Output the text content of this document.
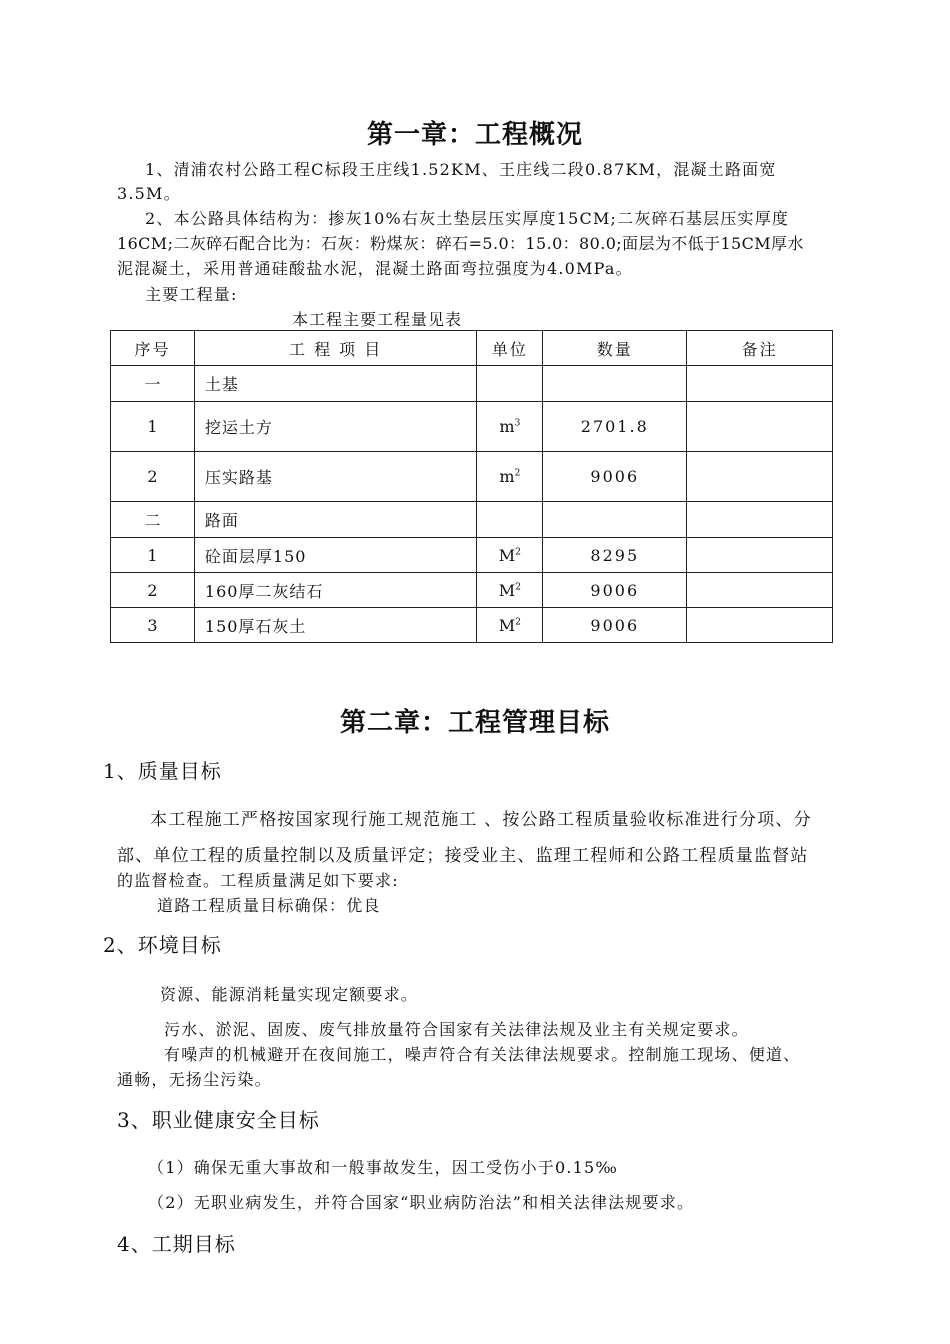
第一章：工程概况

1、清浦农村公路工程C标段王庄线1.52KM、王庄线二段0.87KM，混凝土路面宽

3.5M。

2、本公路具体结构为：掺灰10%右灰土垫层压实厚度15CM;二灰碎石基层压实厚度

16CM;二灰碎石配合比为：石灰：粉煤灰：碎石=5.0：15.0：80.0;面层为不低于15CM厚水

泥混凝土，采用普通硅酸盐水泥，混凝土路面弯拉强度为4.0MPa。

主要工程量:

本工程主要工程量见表

序号	工 程 项 目	单位	数量	备注
一	土基			
1	挖运土方	$m^3$	2701.8	
2	压实路基	$m^2$	9006	
二	路面			
1	砼面层厚150	$M^2$	8295	
2	160厚二灰结石	$M^2$	9006	
3	150厚石灰土	$M^2$	9006	
第二章：工程管理目标
1、质量目标

本工程施工严格按国家现行施工规范施工 、按公路工程质量验收标准进行分项、分

部、单位工程的质量控制以及质量评定；接受业主、监理工程师和公路工程质量监督站

的监督检查。工程质量满足如下要求:

道路工程质量目标确保：优良

2、环境目标

资源、能源消耗量实现定额要求。

污水、淤泥、固废、废气排放量符合国家有关法律法规及业主有关规定要求。

有噪声的机械避开在夜间施工，噪声符合有关法律法规要求。控制施工现场、便道、

通畅，无扬尘污染。

3、职业健康安全目标

（1）确保无重大事故和一般事故发生，因工受伤小于0.15‰

（2）无职业病发生，并符合国家“职业病防治法”和相关法律法规要求。

4、工期目标
